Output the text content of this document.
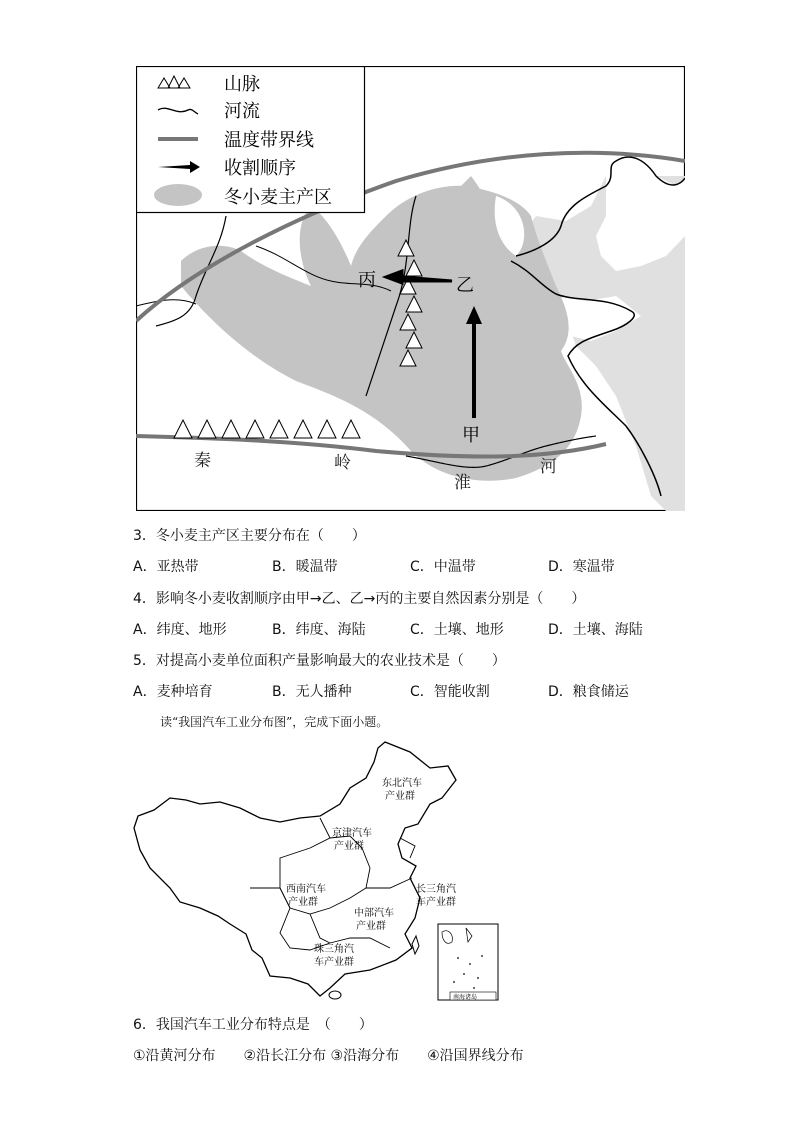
丙	乙
甲
秦	岭
淮
河
山脉
河流
温度带界线
收割顺序
冬小麦主产区
3．冬小麦主产区主要分布在（　　）
A．亚热带	B．暖温带	C．中温带	D．寒温带
4．影响冬小麦收割顺序由甲→乙、乙→丙的主要自然因素分别是（　　）
A．纬度、地形	B．纬度、海陆	C．土壤、地形	D．土壤、海陆
5．对提高小麦单位面积产量影响最大的农业技术是（　　）
A．麦种培育	B．无人播种	C．智能收割	D．粮食储运
读“我国汽车工业分布图”，完成下面小题。
南海诸岛
东北汽车
产业群
京津汽车
产业群
长三角汽
车产业群
西南汽车
产业群
中部汽车
产业群
珠三角汽
车产业群
6．我国汽车工业分布特点是　（　　）
①沿黄河分布　　②沿长江分布 ③沿海分布　　④沿国界线分布
